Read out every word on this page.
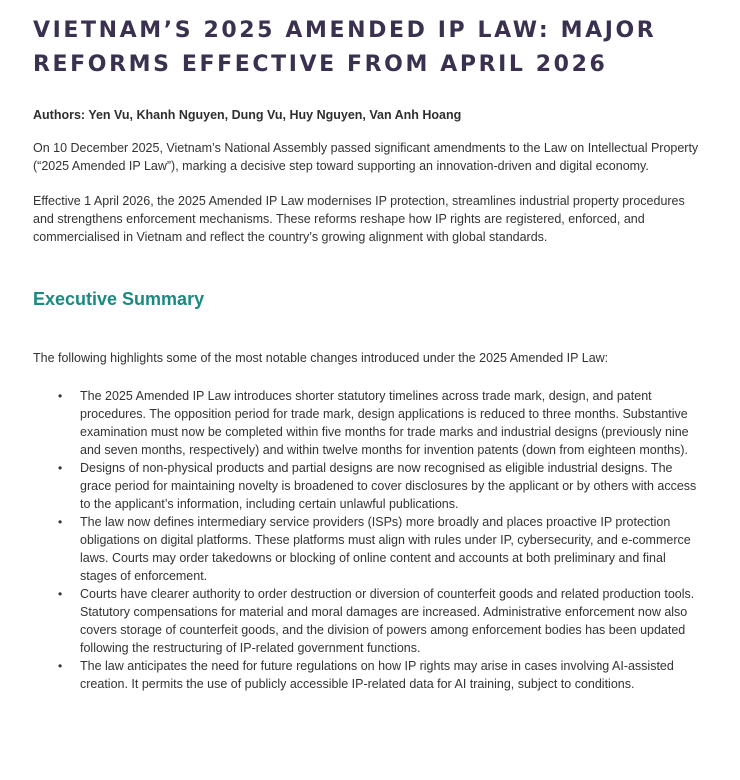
VIETNAM’S 2025 AMENDED IP LAW: MAJOR
REFORMS EFFECTIVE FROM APRIL 2026
Authors: Yen Vu, Khanh Nguyen, Dung Vu, Huy Nguyen, Van Anh Hoang

On 10 December 2025, Vietnam’s National Assembly passed significant amendments to the Law on Intellectual Property (“2025 Amended IP Law”), marking a decisive step toward supporting an innovation-driven and digital economy.

Effective 1 April 2026, the 2025 Amended IP Law modernises IP protection, streamlines industrial property procedures and strengthens enforcement mechanisms. These reforms reshape how IP rights are registered, enforced, and commercialised in Vietnam and reflect the country’s growing alignment with global standards.

Executive Summary

The following highlights some of the most notable changes introduced under the 2025 Amended IP Law:

• The 2025 Amended IP Law introduces shorter statutory timelines across trade mark, design, and patent procedures. The opposition period for trade mark, design applications is reduced to three months. Substantive examination must now be completed within five months for trade marks and industrial designs (previously nine and seven months, respectively) and within twelve months for invention patents (down from eighteen months).
• Designs of non-physical products and partial designs are now recognised as eligible industrial designs. The grace period for maintaining novelty is broadened to cover disclosures by the applicant or by others with access to the applicant’s information, including certain unlawful publications.
• The law now defines intermediary service providers (ISPs) more broadly and places proactive IP protection obligations on digital platforms. These platforms must align with rules under IP, cybersecurity, and e-commerce laws. Courts may order takedowns or blocking of online content and accounts at both preliminary and final stages of enforcement.
• Courts have clearer authority to order destruction or diversion of counterfeit goods and related production tools. Statutory compensations for material and moral damages are increased. Administrative enforcement now also covers storage of counterfeit goods, and the division of powers among enforcement bodies has been updated following the restructuring of IP-related government functions.
• The law anticipates the need for future regulations on how IP rights may arise in cases involving AI-assisted creation. It permits the use of publicly accessible IP-related data for AI training, subject to conditions.
